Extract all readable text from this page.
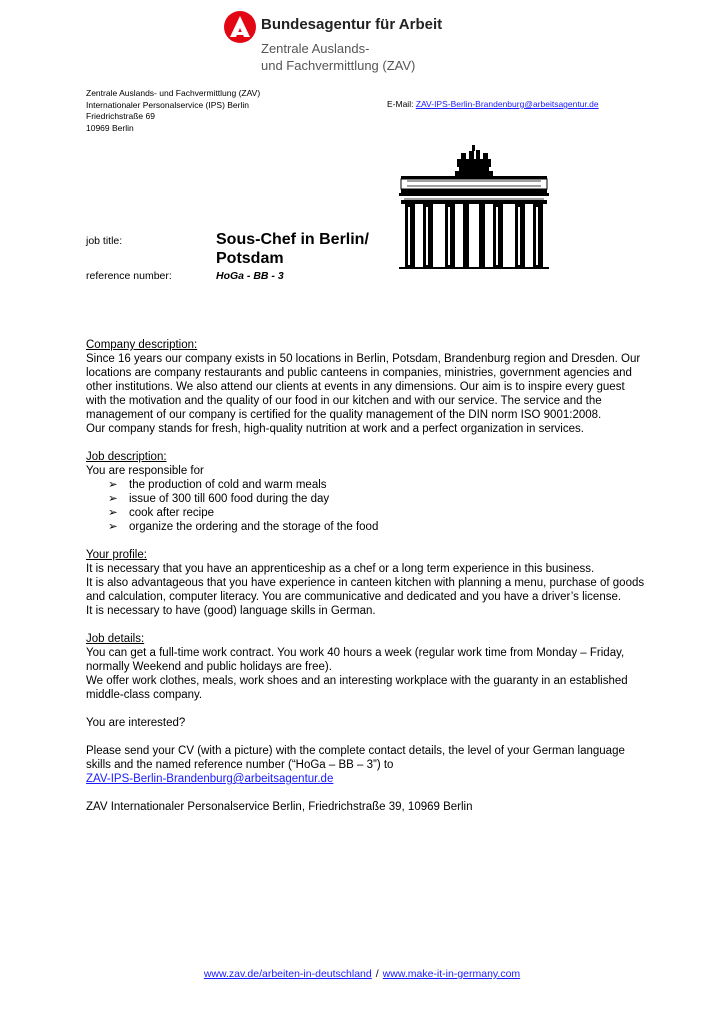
Bundesagentur für Arbeit
Zentrale Auslands-
und Fachvermittlung (ZAV)
Zentrale Auslands- und Fachvermittlung (ZAV)
Internationaler Personalservice (IPS) Berlin
Friedrichstraße 69
10969 Berlin
E-Mail: ZAV-IPS-Berlin-Brandenburg@arbeitsagentur.de
job title:	Sous-Chef in Berlin/
Potsdam
reference number:	HoGa - BB - 3

Company description:

Since 16 years our company exists in 50 locations in Berlin, Potsdam, Brandenburg region and Dresden. Our locations are company restaurants and public canteens in companies, ministries, government agencies and other institutions. We also attend our clients at events in any dimensions. Our aim is to inspire every guest with the motivation and the quality of our food in our kitchen and with our service. The service and the management of our company is certified for the quality management of the DIN norm ISO 9001:2008.

Our company stands for fresh, high-quality nutrition at work and a perfect organization in services.

Job description:

You are responsible for

➢ the production of cold and warm meals
➢ issue of 300 till 600 food during the day
➢ cook after recipe
➢ organize the ordering and the storage of the food

Your profile:

It is necessary that you have an apprenticeship as a chef or a long term experience in this business.

It is also advantageous that you have experience in canteen kitchen with planning a menu, purchase of goods and calculation, computer literacy. You are communicative and dedicated and you have a driver’s license.

It is necessary to have (good) language skills in German.

Job details:

You can get a full-time work contract. You work 40 hours a week (regular work time from Monday – Friday, normally Weekend and public holidays are free).

We offer work clothes, meals, work shoes and an interesting workplace with the guaranty in an established middle-class company.

You are interested?

Please send your CV (with a picture) with the complete contact details, the level of your German language skills and the named reference number (“HoGa – BB – 3”) to

ZAV-IPS-Berlin-Brandenburg@arbeitsagentur.de

ZAV Internationaler Personalservice Berlin, Friedrichstraße 39, 10969 Berlin

www.zav.de/arbeiten-in-deutschland / www.make-it-in-germany.com
